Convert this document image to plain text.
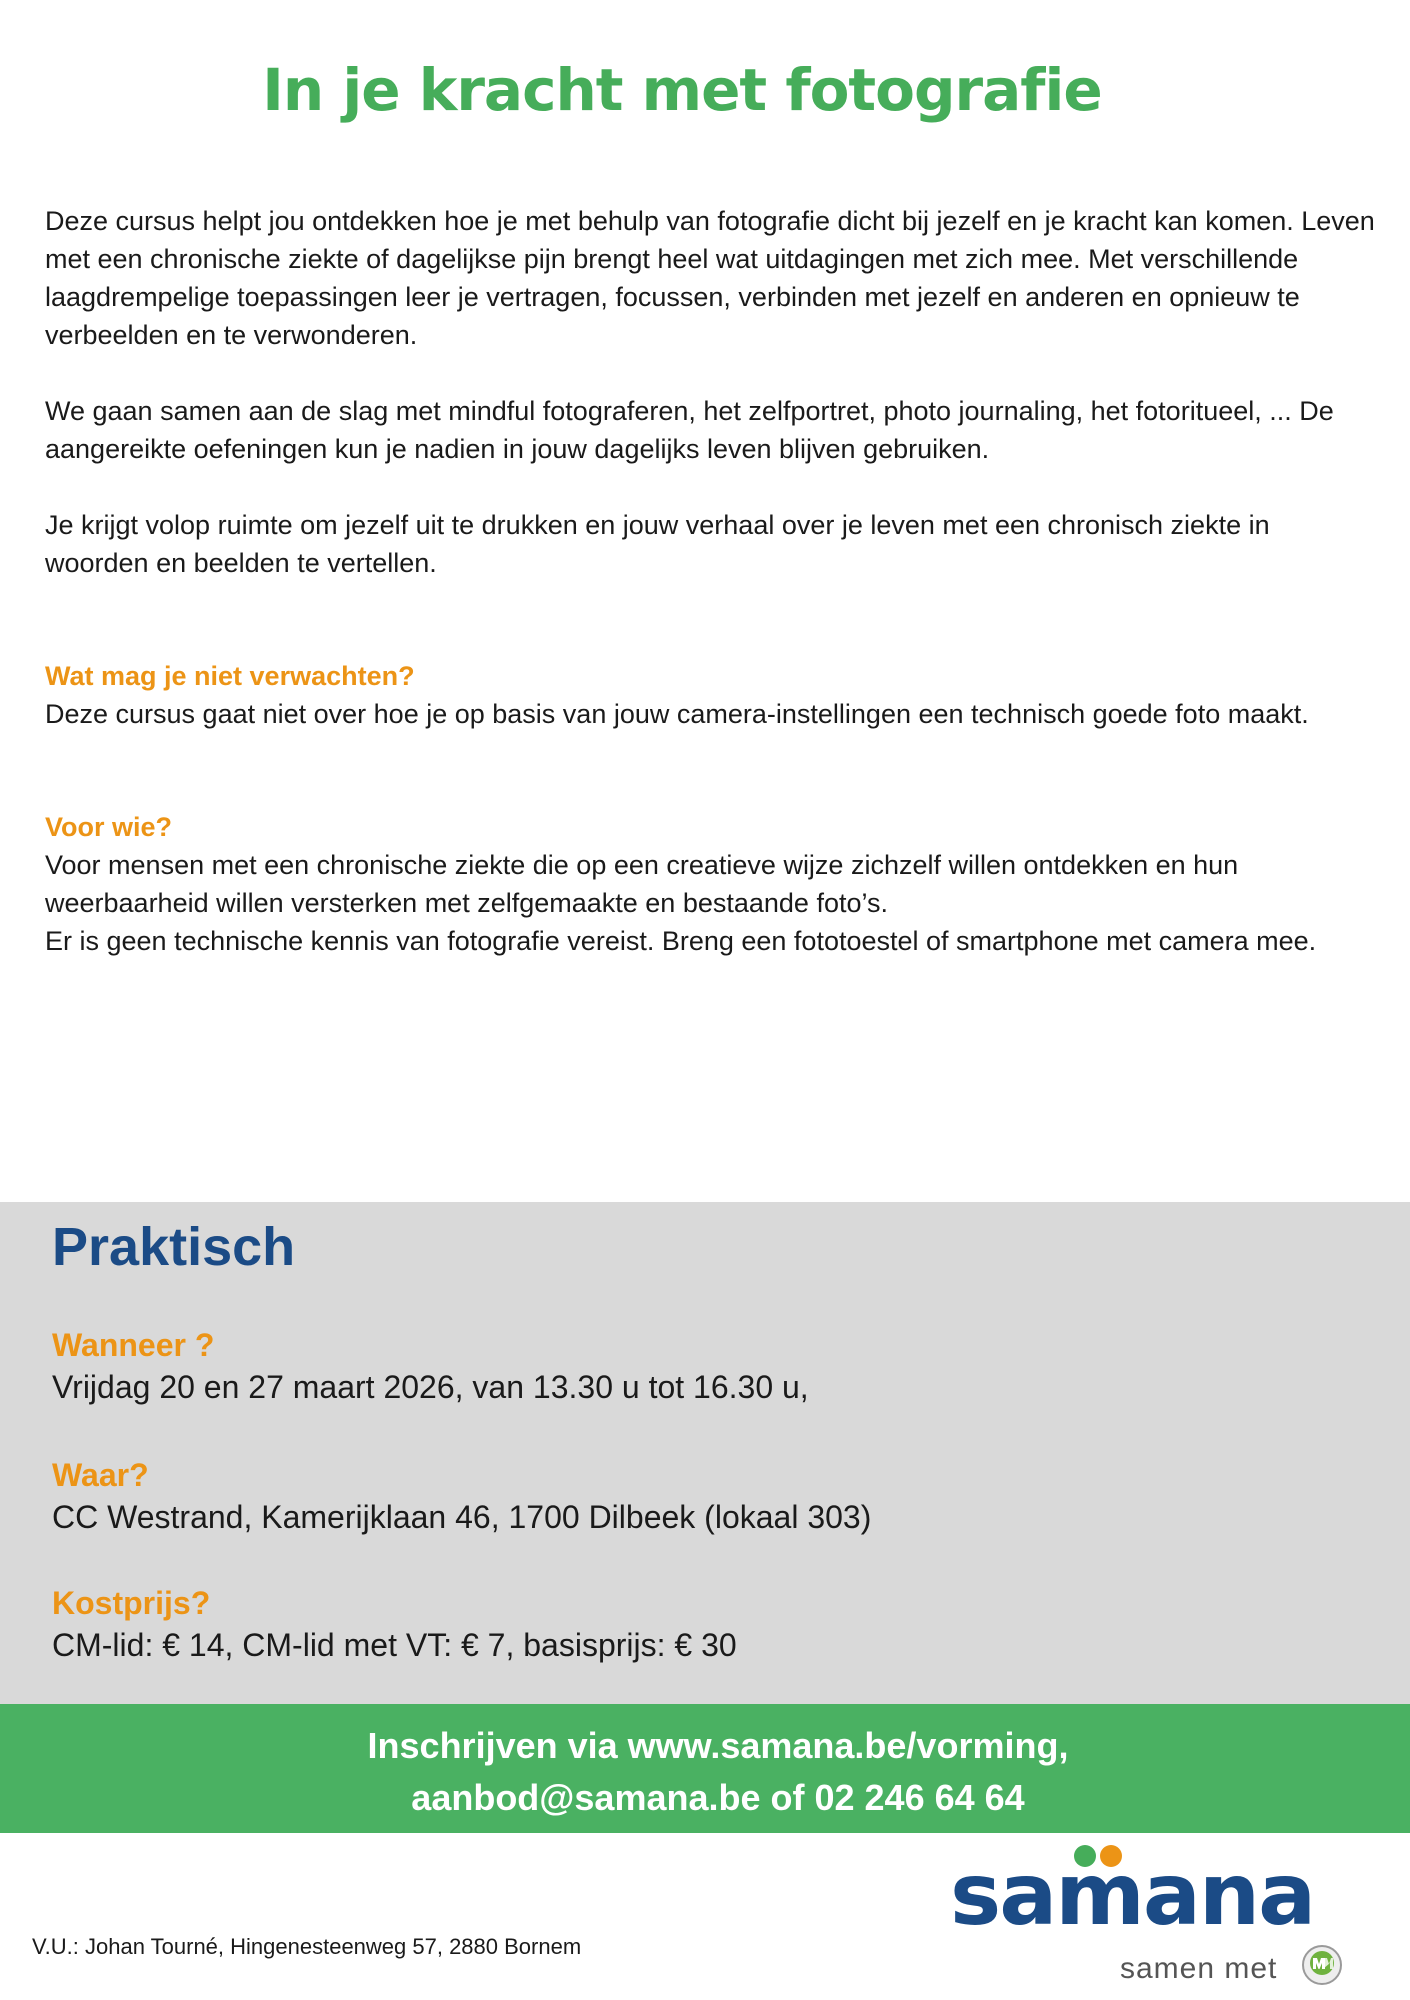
In je kracht met fotografie

Deze cursus helpt jou ontdekken hoe je met behulp van fotografie dicht bij jezelf en je kracht kan komen. Leven met een chronische ziekte of dagelijkse pijn brengt heel wat uitdagingen met zich mee. Met verschillende laagdrempelige toepassingen leer je vertragen, focussen, verbinden met jezelf en anderen en opnieuw te verbeelden en te verwonderen.

We gaan samen aan de slag met mindful fotograferen, het zelfportret, photo journaling, het fotoritueel, ... De aangereikte oefeningen kun je nadien in jouw dagelijks leven blijven gebruiken.

Je krijgt volop ruimte om jezelf uit te drukken en jouw verhaal over je leven met een chronisch ziekte in woorden en beelden te vertellen.

Wat mag je niet verwachten?
Deze cursus gaat niet over hoe je op basis van jouw camera-instellingen een technisch goede foto maakt.
Voor wie?
Voor mensen met een chronische ziekte die op een creatieve wijze zichzelf willen ontdekken en hun weerbaarheid willen versterken met zelfgemaakte en bestaande foto’s.
Er is geen technische kennis van fotografie vereist. Breng een fototoestel of smartphone met camera mee.
Praktisch
Wanneer ?
Vrijdag 20 en 27 maart 2026, van 13.30 u tot 16.30 u,
Waar?
CC Westrand, Kamerijklaan 46, 1700 Dilbeek (lokaal 303)
Kostprijs?
CM-lid: € 14, CM-lid met VT: € 7, basisprijs: € 30
Inschrijven via www.samana.be/vorming,
aanbod@samana.be of 02 246 64 64
V.U.: Johan Tourné, Hingenesteenweg 57, 2880 Bornem
samana
samen met
